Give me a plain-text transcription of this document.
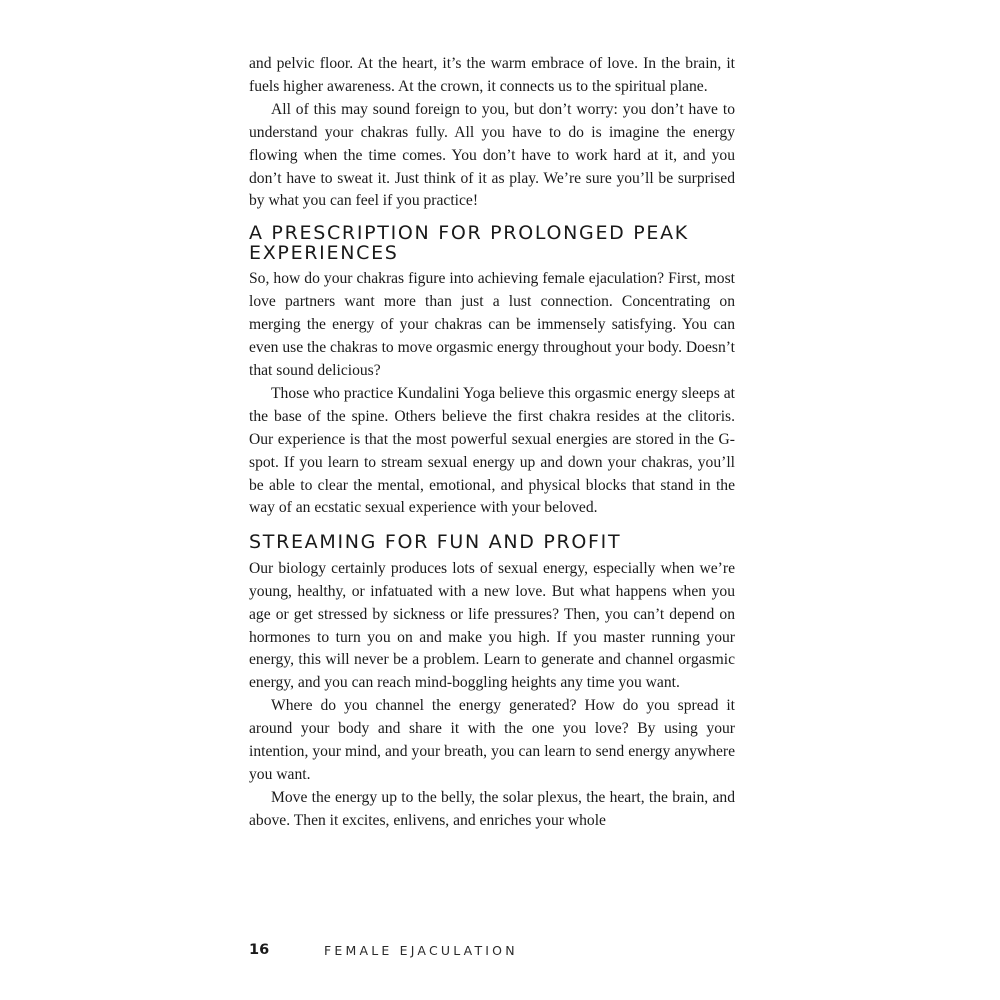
and pelvic floor. At the heart, it’s the warm embrace of love. In the brain, it fuels higher awareness. At the crown, it connects us to the spiritual plane.

All of this may sound foreign to you, but don’t worry: you don’t have to understand your chakras fully. All you have to do is imagine the energy flowing when the time comes. You don’t have to work hard at it, and you don’t have to sweat it. Just think of it as play. We’re sure you’ll be surprised by what you can feel if you practice!

A PRESCRIPTION FOR PROLONGED PEAK EXPERIENCES

So, how do your chakras figure into achieving female ejaculation? First, most love partners want more than just a lust connection. Concentrating on merging the energy of your chakras can be immensely satisfying. You can even use the chakras to move orgasmic energy throughout your body. Doesn’t that sound delicious?

Those who practice Kundalini Yoga believe this orgasmic energy sleeps at the base of the spine. Others believe the first chakra resides at the clitoris. Our experience is that the most powerful sexual energies are stored in the G-spot. If you learn to stream sexual energy up and down your chakras, you’ll be able to clear the mental, emotional, and physical blocks that stand in the way of an ecstatic sexual experience with your beloved.

STREAMING FOR FUN AND PROFIT

Our biology certainly produces lots of sexual energy, especially when we’re young, healthy, or infatuated with a new love. But what happens when you age or get stressed by sickness or life pressures? Then, you can’t depend on hormones to turn you on and make you high. If you master running your energy, this will never be a problem. Learn to generate and channel orgasmic energy, and you can reach mind-boggling heights any time you want.

Where do you channel the energy generated? How do you spread it around your body and share it with the one you love? By using your intention, your mind, and your breath, you can learn to send energy anywhere you want.

Move the energy up to the belly, the solar plexus, the heart, the brain, and above. Then it excites, enlivens, and enriches your whole

16	FEMALE EJACULATION
